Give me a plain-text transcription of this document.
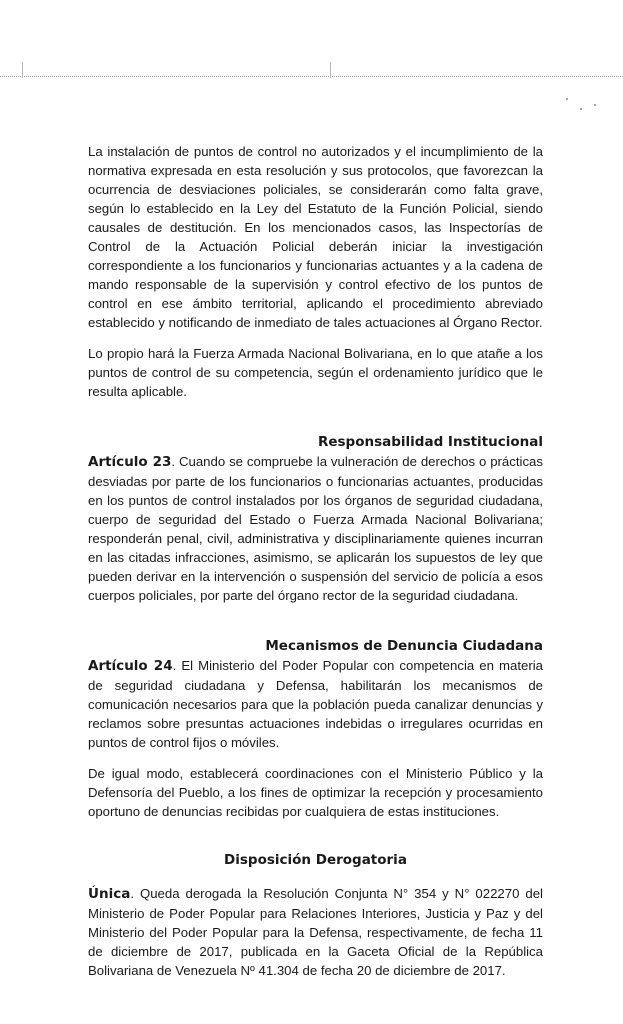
La instalación de puntos de control no autorizados y el incumplimiento de la normativa expresada en esta resolución y sus protocolos, que favorezcan la ocurrencia de desviaciones policiales, se considerarán como falta grave, según lo establecido en la Ley del Estatuto de la Función Policial, siendo causales de destitución. En los mencionados casos, las Inspectorías de Control de la Actuación Policial deberán iniciar la investigación correspondiente a los funcionarios y funcionarias actuantes y a la cadena de mando responsable de la supervisión y control efectivo de los puntos de control en ese ámbito territorial, aplicando el procedimiento abreviado establecido y notificando de inmediato de tales actuaciones al Órgano Rector.

Lo propio hará la Fuerza Armada Nacional Bolivariana, en lo que atañe a los puntos de control de su competencia, según el ordenamiento jurídico que le resulta aplicable.

Responsabilidad Institucional

Artículo 23. Cuando se compruebe la vulneración de derechos o prácticas desviadas por parte de los funcionarios o funcionarias actuantes, producidas en los puntos de control instalados por los órganos de seguridad ciudadana, cuerpo de seguridad del Estado o Fuerza Armada Nacional Bolivariana; responderán penal, civil, administrativa y disciplinariamente quienes incurran en las citadas infracciones, asimismo, se aplicarán los supuestos de ley que pueden derivar en la intervención o suspensión del servicio de policía a esos cuerpos policiales, por parte del órgano rector de la seguridad ciudadana.

Mecanismos de Denuncia Ciudadana

Artículo 24. El Ministerio del Poder Popular con competencia en materia de seguridad ciudadana y Defensa, habilitarán los mecanismos de comunicación necesarios para que la población pueda canalizar denuncias y reclamos sobre presuntas actuaciones indebidas o irregulares ocurridas en puntos de control fijos o móviles.

De igual modo, establecerá coordinaciones con el Ministerio Público y la Defensoría del Pueblo, a los fines de optimizar la recepción y procesamiento oportuno de denuncias recibidas por cualquiera de estas instituciones.

Disposición Derogatoria

Única. Queda derogada la Resolución Conjunta N° 354 y N° 022270 del Ministerio de Poder Popular para Relaciones Interiores, Justicia y Paz y del Ministerio del Poder Popular para la Defensa, respectivamente, de fecha 11 de diciembre de 2017, publicada en la Gaceta Oficial de la República Bolivariana de Venezuela Nº 41.304 de fecha 20 de diciembre de 2017.
